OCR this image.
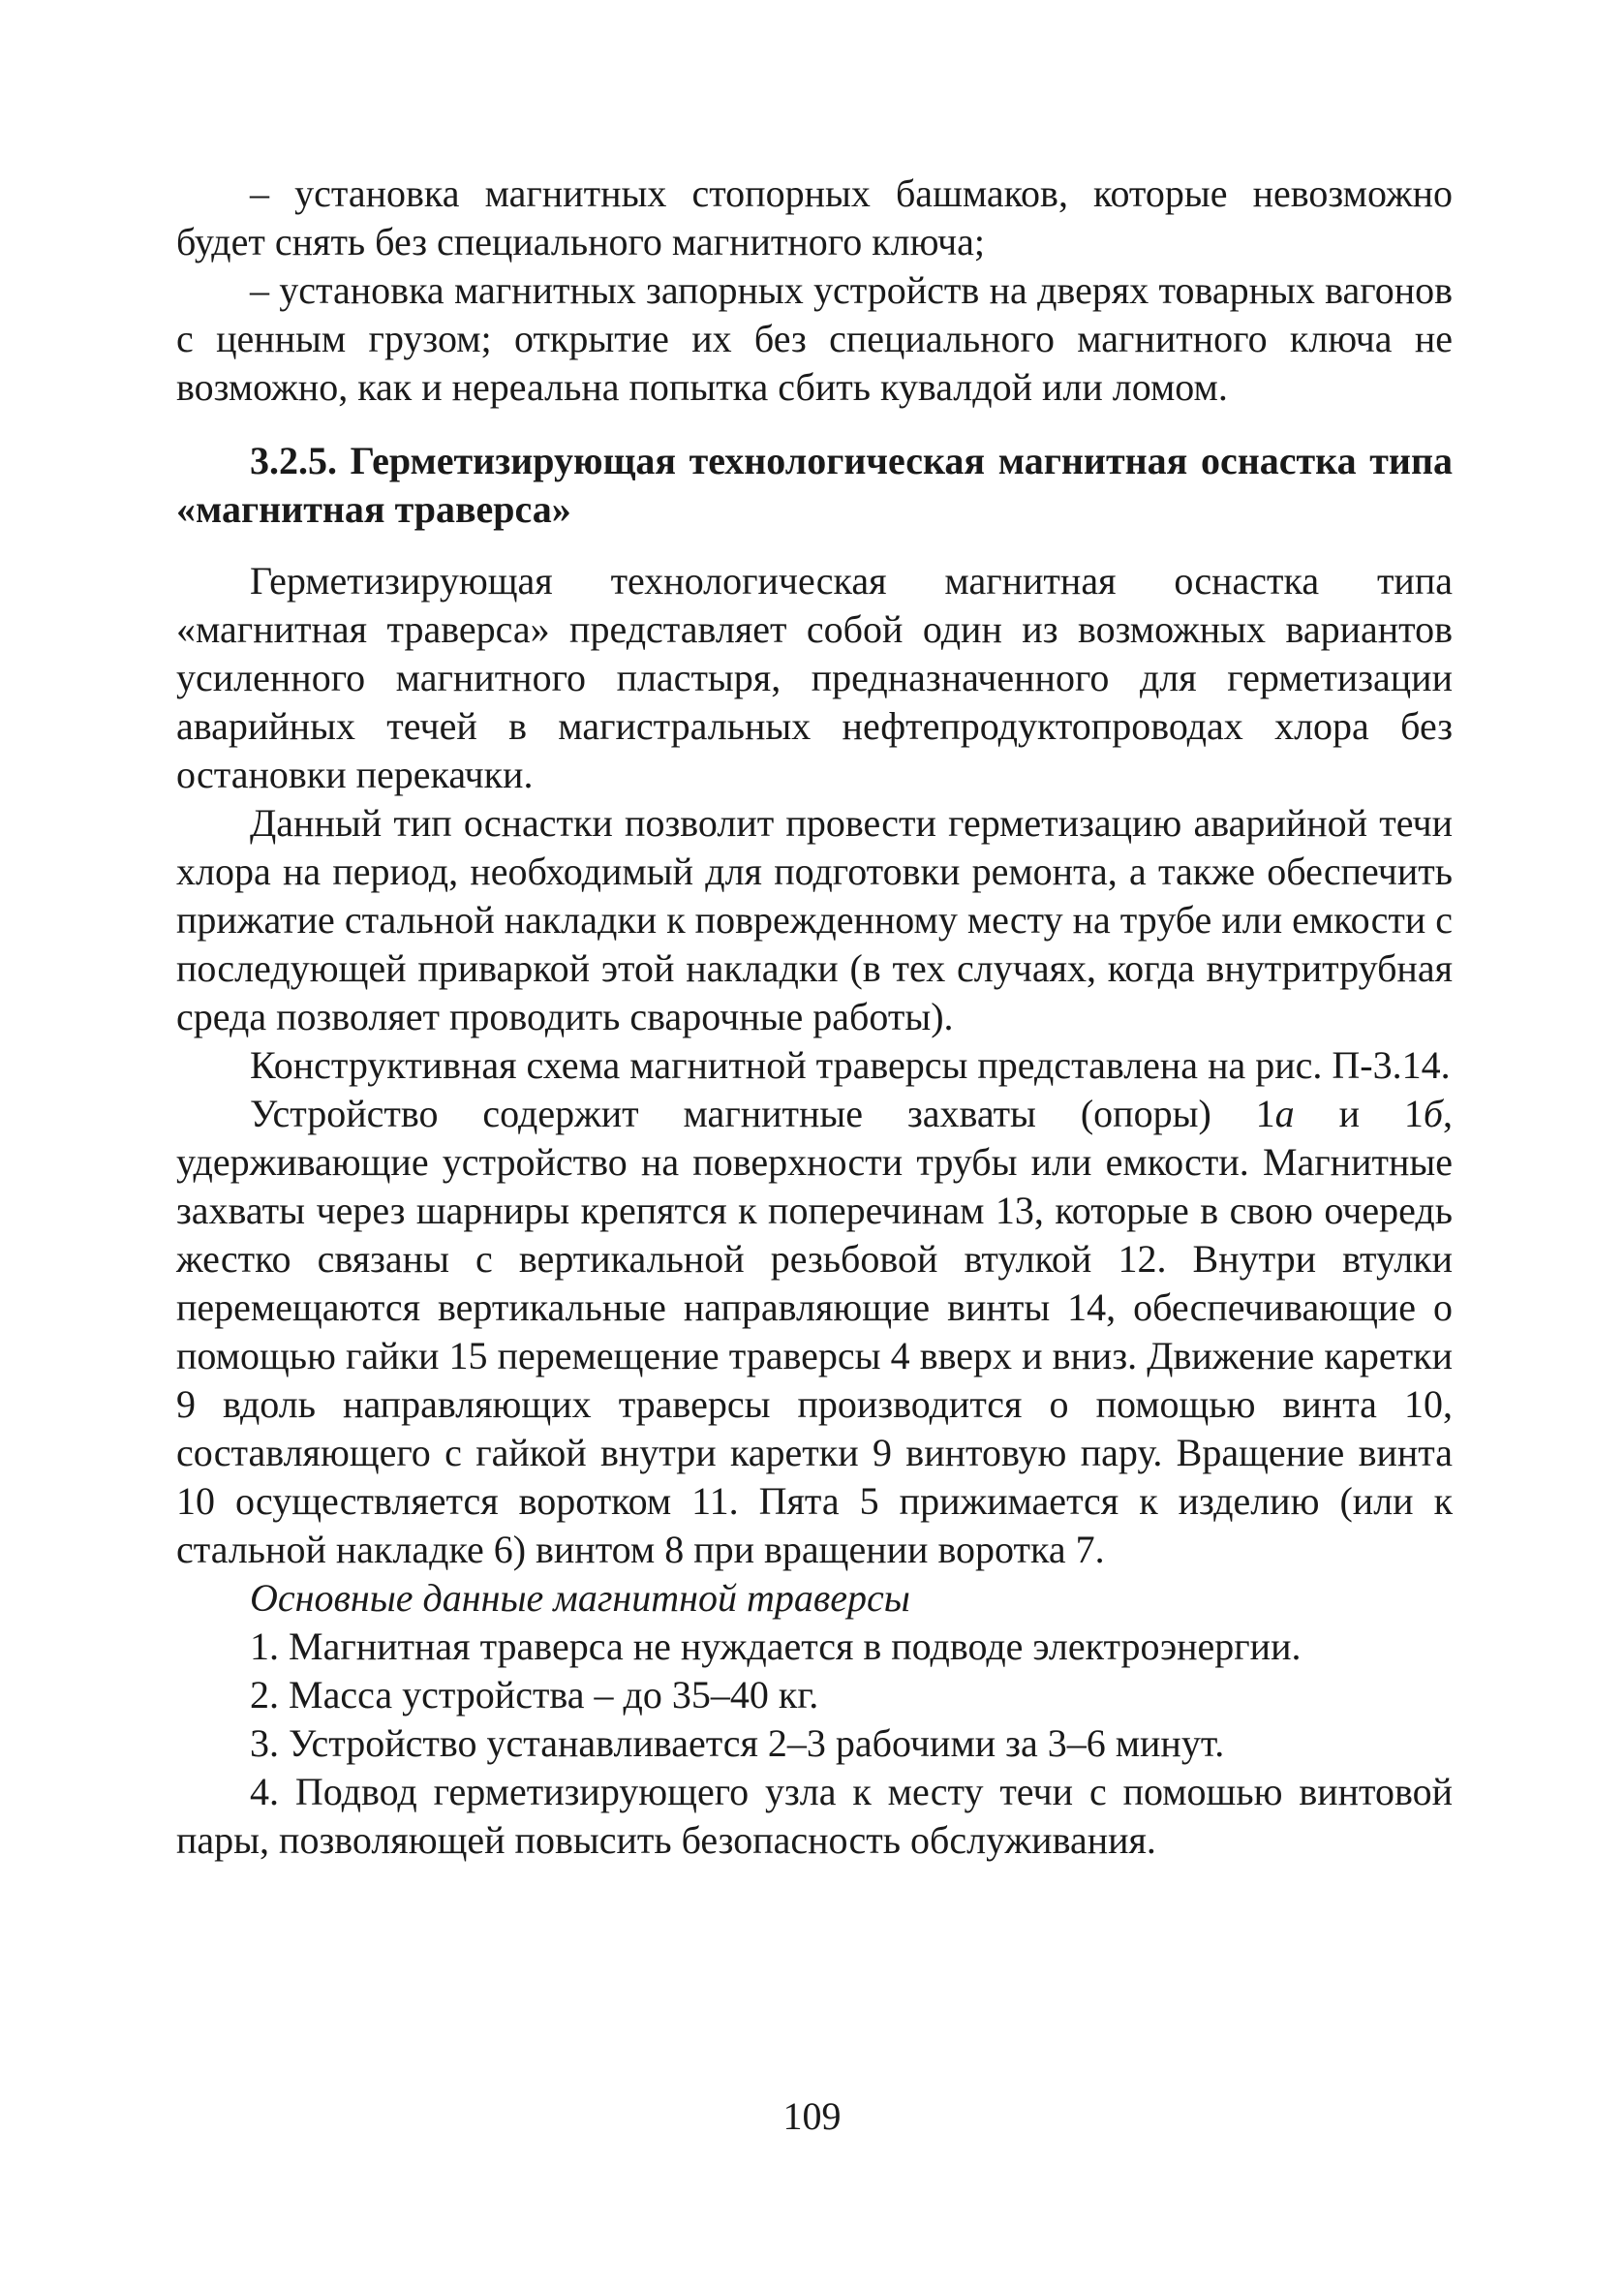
– установка магнитных стопорных башмаков, которые невозможно будет снять без специального магнитного ключа;

– установка магнитных запорных устройств на дверях товарных вагонов с ценным грузом; открытие их без специального магнитного ключа не возможно, как и нереальна попытка сбить кувалдой или ломом.

3.2.5. Герметизирующая технологическая магнитная оснастка типа «магнитная траверса»

Герметизирующая технологическая магнитная оснастка типа «магнитная траверса» представляет собой один из возможных вариантов усиленного магнитного пластыря, предназначенного для герметизации аварийных течей в магистральных нефтепродуктопроводах хлора без остановки перекачки.

Данный тип оснастки позволит провести герметизацию аварийной течи хлора на период, необходимый для подготовки ремонта, а также обеспечить прижатие стальной накладки к поврежденному месту на трубе или емкости с последующей приваркой этой накладки (в тех случаях, когда внутритрубная среда позволяет проводить сварочные работы).

Конструктивная схема магнитной траверсы представлена на рис. П-3.14.

Устройство содержит магнитные захваты (опоры) 1а и 1б, удерживающие устройство на поверхности трубы или емкости. Магнитные захваты через шарниры крепятся к поперечинам 13, которые в свою очередь жестко связаны с вертикальной резьбовой втулкой 12. Внутри втулки перемещаются вертикальные направляющие винты 14, обеспечивающие о помощью гайки 15 перемещение траверсы 4 вверх и вниз. Движение каретки 9 вдоль направляющих траверсы производится о помощью винта 10, составляющего с гайкой внутри каретки 9 винтовую пару. Вращение винта 10 осуществляется воротком 11. Пята 5 прижимается к изделию (или к стальной накладке 6) винтом 8 при вращении воротка 7.

Основные данные магнитной траверсы

1. Магнитная траверса не нуждается в подводе электроэнергии.

2. Масса устройства – до 35–40 кг.

3. Устройство устанавливается 2–3 рабочими за 3–6 минут.

4. Подвод герметизирующего узла к месту течи с помошью винтовой пары, позволяющей повысить безопасность обслуживания.

109
